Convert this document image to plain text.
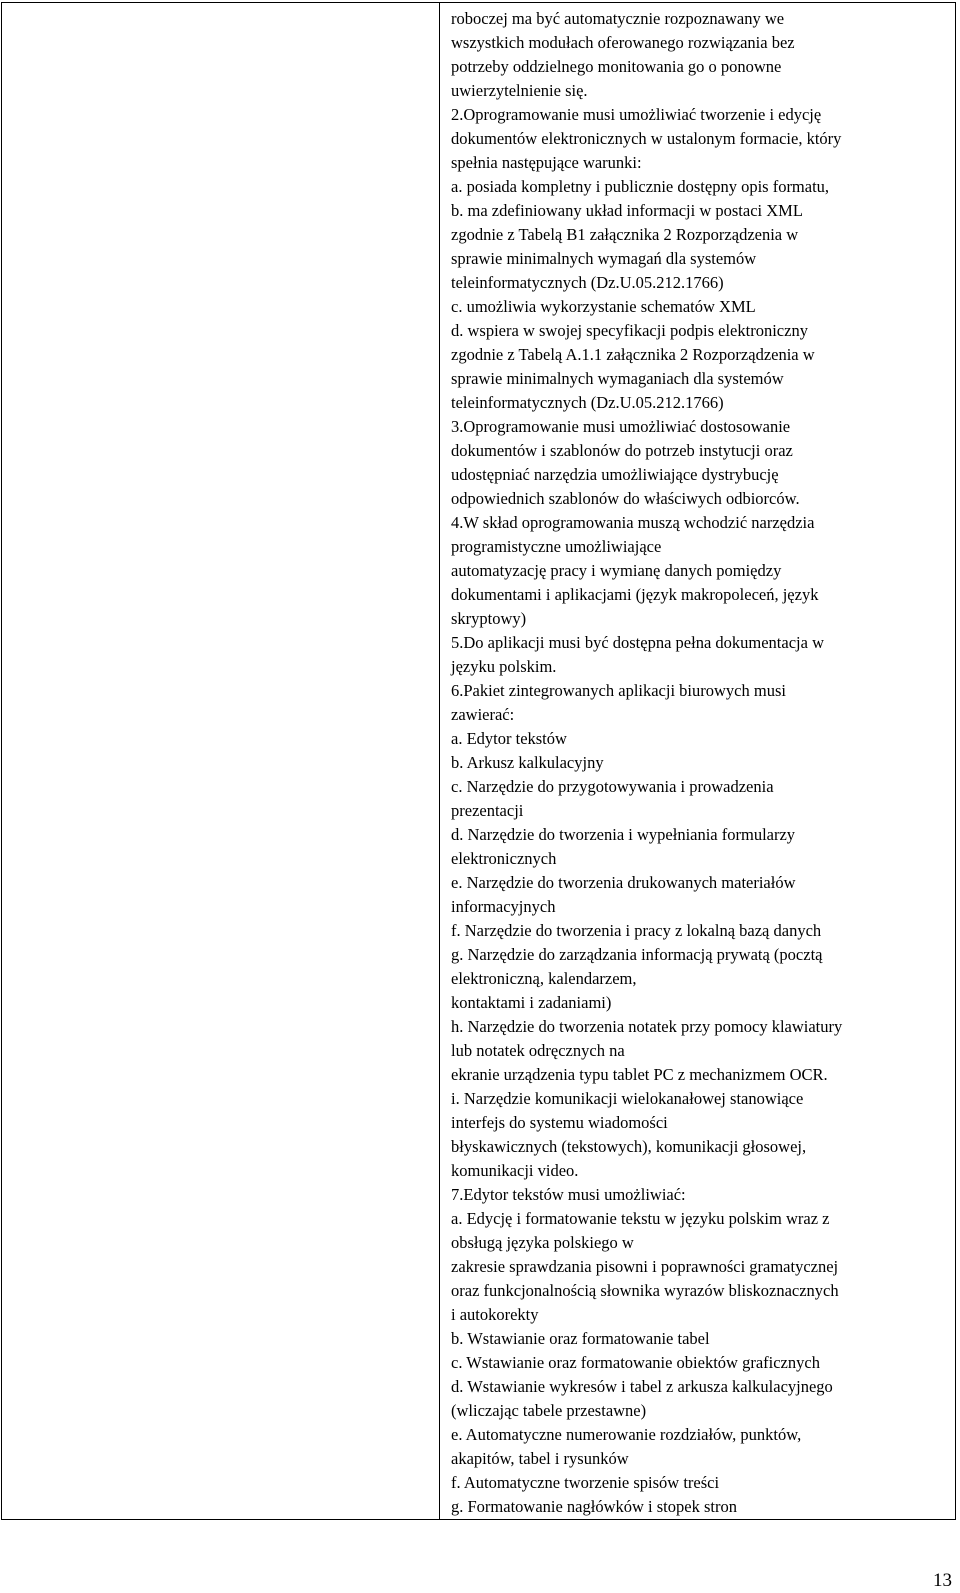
roboczej ma być automatycznie rozpoznawany we
wszystkich modułach oferowanego rozwiązania bez
potrzeby oddzielnego monitowania go o ponowne
uwierzytelnienie się.
2.Oprogramowanie musi umożliwiać tworzenie i edycję
dokumentów elektronicznych w ustalonym formacie, który
spełnia następujące warunki:
a. posiada kompletny i publicznie dostępny opis formatu,
b. ma zdefiniowany układ informacji w postaci XML
zgodnie z Tabelą B1 załącznika 2 Rozporządzenia w
sprawie minimalnych wymagań dla systemów
teleinformatycznych (Dz.U.05.212.1766)
c. umożliwia wykorzystanie schematów XML
d. wspiera w swojej specyfikacji podpis elektroniczny
zgodnie z Tabelą A.1.1 załącznika 2 Rozporządzenia w
sprawie minimalnych wymaganiach dla systemów
teleinformatycznych (Dz.U.05.212.1766)
3.Oprogramowanie musi umożliwiać dostosowanie
dokumentów i szablonów do potrzeb instytucji oraz
udostępniać narzędzia umożliwiające dystrybucję
odpowiednich szablonów do właściwych odbiorców.
4.W skład oprogramowania muszą wchodzić narzędzia
programistyczne umożliwiające
automatyzację pracy i wymianę danych pomiędzy
dokumentami i aplikacjami (język makropoleceń, język
skryptowy)
5.Do aplikacji musi być dostępna pełna dokumentacja w
języku polskim.
6.Pakiet zintegrowanych aplikacji biurowych musi
zawierać:
a. Edytor tekstów
b. Arkusz kalkulacyjny
c. Narzędzie do przygotowywania i prowadzenia
prezentacji
d. Narzędzie do tworzenia i wypełniania formularzy
elektronicznych
e. Narzędzie do tworzenia drukowanych materiałów
informacyjnych
f. Narzędzie do tworzenia i pracy z lokalną bazą danych
g. Narzędzie do zarządzania informacją prywatą (pocztą
elektroniczną, kalendarzem,
kontaktami i zadaniami)
h. Narzędzie do tworzenia notatek przy pomocy klawiatury
lub notatek odręcznych na
ekranie urządzenia typu tablet PC z mechanizmem OCR.
i. Narzędzie komunikacji wielokanałowej stanowiące
interfejs do systemu wiadomości
błyskawicznych (tekstowych), komunikacji głosowej,
komunikacji video.
7.Edytor tekstów musi umożliwiać:
a. Edycję i formatowanie tekstu w języku polskim wraz z
obsługą języka polskiego w
zakresie sprawdzania pisowni i poprawności gramatycznej
oraz funkcjonalnością słownika wyrazów bliskoznacznych
i autokorekty
b. Wstawianie oraz formatowanie tabel
c. Wstawianie oraz formatowanie obiektów graficznych
d. Wstawianie wykresów i tabel z arkusza kalkulacyjnego
(wliczając tabele przestawne)
e. Automatyczne numerowanie rozdziałów, punktów,
akapitów, tabel i rysunków
f. Automatyczne tworzenie spisów treści
g. Formatowanie nagłówków i stopek stron
13
